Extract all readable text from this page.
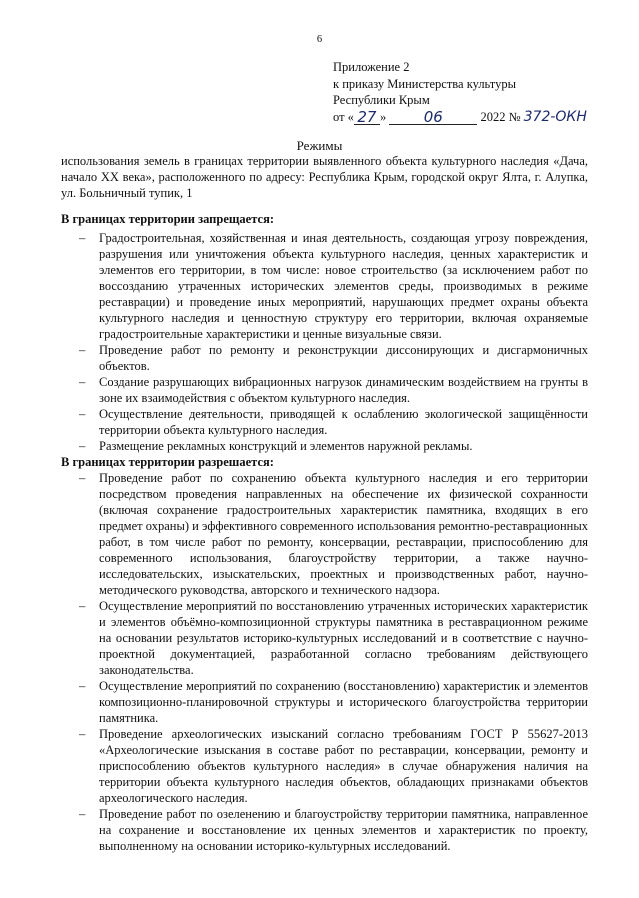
6
Приложение 2
к приказу Министерства культуры
Республики Крым
от « 27 »	06	2022 № 372-ОКН
Режимы
использования земель в границах территории выявленного объекта культурного наследия «Дача, начало XX века», расположенного по адресу: Республика Крым, городской округ Ялта, г. Алупка, ул. Больничный тупик, 1
В границах территории запрещается:
– Градостроительная, хозяйственная и иная деятельность, создающая угрозу повреждения, разрушения или уничтожения объекта культурного наследия, ценных характеристик и элементов его территории, в том числе: новое строительство (за исключением работ по воссозданию утраченных исторических элементов среды, производимых в режиме реставрации) и проведение иных мероприятий, нарушающих предмет охраны объекта культурного наследия и ценностную структуру его территории, включая охраняемые градостроительные характеристики и ценные визуальные связи.
– Проведение работ по ремонту и реконструкции диссонирующих и дисгармоничных объектов.
– Создание разрушающих вибрационных нагрузок динамическим воздействием на грунты в зоне их взаимодействия с объектом культурного наследия.
– Осуществление деятельности, приводящей к ослаблению экологической защищённости территории объекта культурного наследия.
– Размещение рекламных конструкций и элементов наружной рекламы.
В границах территории разрешается:
– Проведение работ по сохранению объекта культурного наследия и его территории посредством проведения направленных на обеспечение их физической сохранности (включая сохранение градостроительных характеристик памятника, входящих в его предмет охраны) и эффективного современного использования ремонтно-реставрационных работ, в том числе работ по ремонту, консервации, реставрации, приспособлению для современного использования, благоустройству территории, а также научно-исследовательских, изыскательских, проектных и производственных работ, научно-методического руководства, авторского и технического надзора.
– Осуществление мероприятий по восстановлению утраченных исторических характеристик и элементов объёмно-композиционной структуры памятника в реставрационном режиме на основании результатов историко-культурных исследований и в соответствие с научно-проектной документацией, разработанной согласно требованиям действующего законодательства.
– Осуществление мероприятий по сохранению (восстановлению) характеристик и элементов композиционно-планировочной структуры и исторического благоустройства территории памятника.
– Проведение археологических изысканий согласно требованиям ГОСТ Р 55627-2013 «Археологические изыскания в составе работ по реставрации, консервации, ремонту и приспособлению объектов культурного наследия» в случае обнаружения наличия на территории объекта культурного наследия объектов, обладающих признаками объектов археологического наследия.
– Проведение работ по озеленению и благоустройству территории памятника, направленное на сохранение и восстановление их ценных элементов и характеристик по проекту, выполненному на основании историко-культурных исследований.
